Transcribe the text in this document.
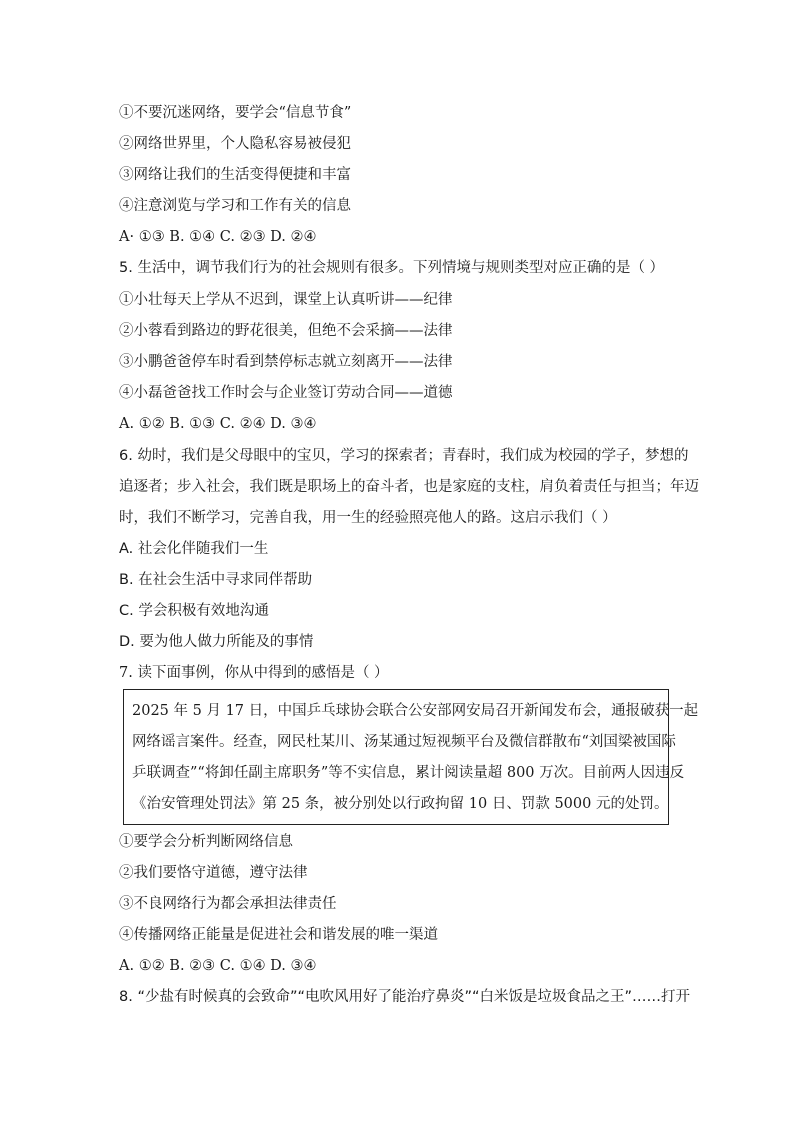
①不要沉迷网络，要学会“信息节食”
②网络世界里，个人隐私容易被侵犯
③网络让我们的生活变得便捷和丰富
④注意浏览与学习和工作有关的信息
A· ①③ B. ①④ C. ②③ D. ②④
5. 生活中，调节我们行为的社会规则有很多。下列情境与规则类型对应正确的是（ ）
①小壮每天上学从不迟到，课堂上认真听讲——纪律
②小蓉看到路边的野花很美，但绝不会采摘——法律
③小鹏爸爸停车时看到禁停标志就立刻离开——法律
④小磊爸爸找工作时会与企业签订劳动合同——道德
A. ①② B. ①③ C. ②④ D. ③④
6. 幼时，我们是父母眼中的宝贝，学习的探索者；青春时，我们成为校园的学子，梦想的
追逐者；步入社会，我们既是职场上的奋斗者，也是家庭的支柱，肩负着责任与担当；年迈
时，我们不断学习，完善自我，用一生的经验照亮他人的路。这启示我们（ ）
A. 社会化伴随我们一生
B. 在社会生活中寻求同伴帮助
C. 学会积极有效地沟通
D. 要为他人做力所能及的事情
7. 读下面事例，你从中得到的感悟是（ ）
2025 年 5 月 17 日，中国乒乓球协会联合公安部网安局召开新闻发布会，通报破获一起
网络谣言案件。经查，网民杜某川、汤某通过短视频平台及微信群散布“刘国梁被国际
乒联调查”“将卸任副主席职务”等不实信息，累计阅读量超 800 万次。目前两人因违反
《治安管理处罚法》第 25 条，被分别处以行政拘留 10 日、罚款 5000 元的处罚。
①要学会分析判断网络信息
②我们要恪守道德，遵守法律
③不良网络行为都会承担法律责任
④传播网络正能量是促进社会和谐发展的唯一渠道
A. ①② B. ②③ C. ①④ D. ③④
8. “少盐有时候真的会致命”“电吹风用好了能治疗鼻炎”“白米饭是垃圾食品之王”……打开
